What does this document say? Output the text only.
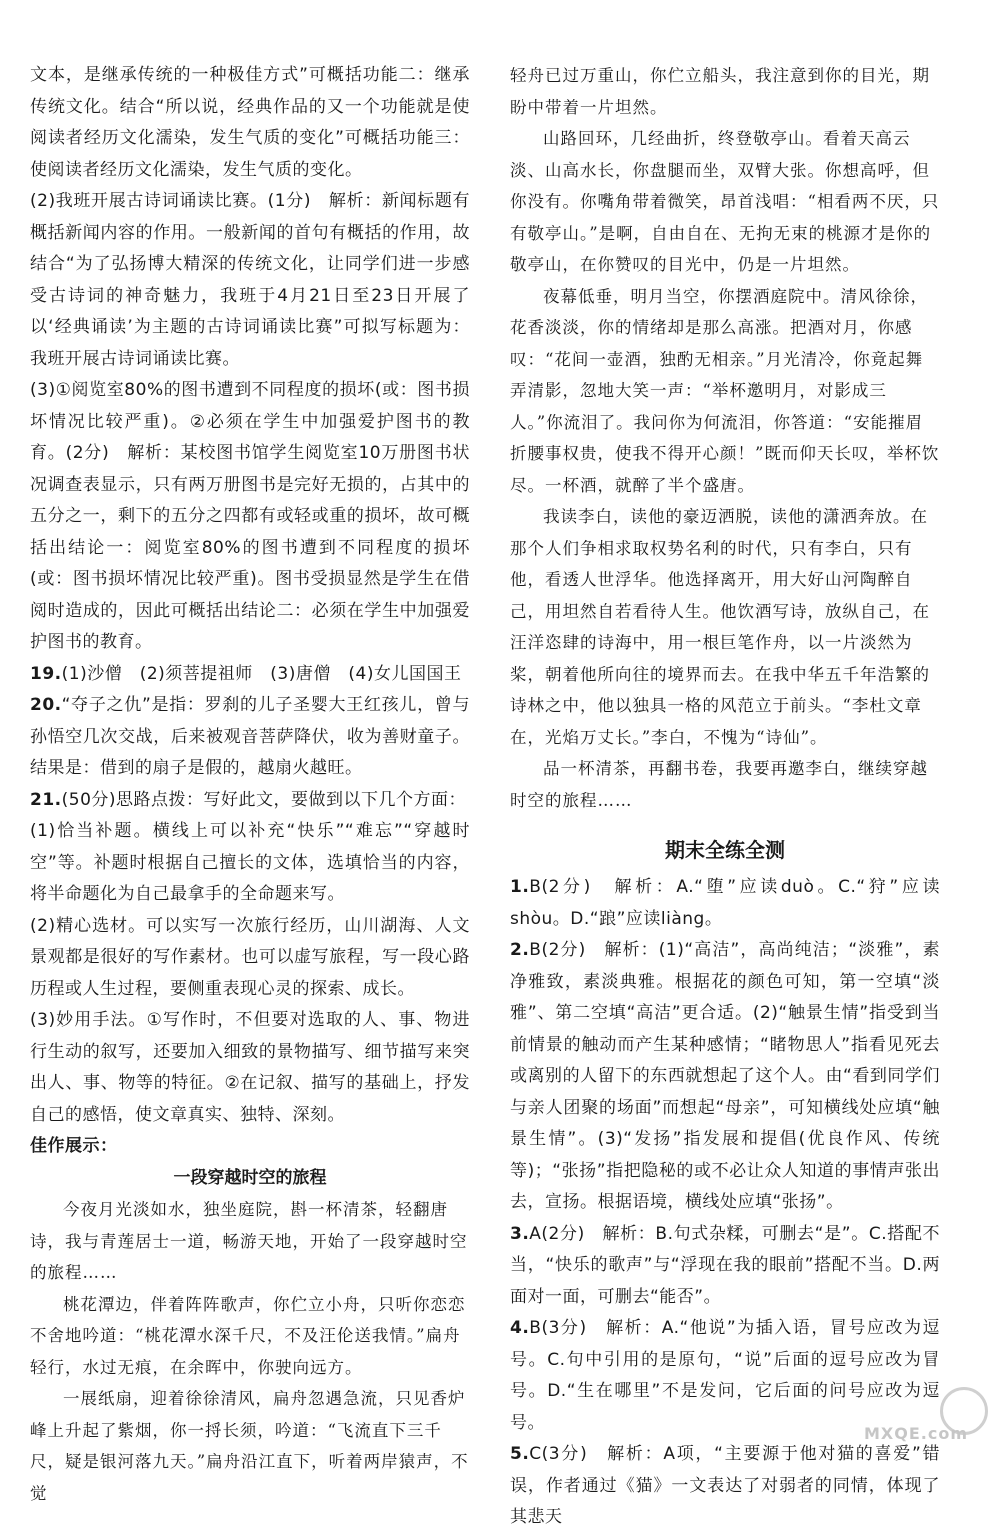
文本，是继承传统的一种极佳方式”可概括功能二：继承传统文化。结合“所以说，经典作品的又一个功能就是使阅读者经历文化濡染，发生气质的变化”可概括功能三：使阅读者经历文化濡染，发生气质的变化。

(2)我班开展古诗词诵读比赛。(1分)　解析：新闻标题有概括新闻内容的作用。一般新闻的首句有概括的作用，故结合“为了弘扬博大精深的传统文化，让同学们进一步感受古诗词的神奇魅力，我班于4月21日至23日开展了以‘经典诵读’为主题的古诗词诵读比赛”可拟写标题为：我班开展古诗词诵读比赛。

(3)①阅览室80%的图书遭到不同程度的损坏(或：图书损坏情况比较严重)。②必须在学生中加强爱护图书的教育。(2分)　解析：某校图书馆学生阅览室10万册图书状况调查表显示，只有两万册图书是完好无损的，占其中的五分之一，剩下的五分之四都有或轻或重的损坏，故可概括出结论一：阅览室80%的图书遭到不同程度的损坏(或：图书损坏情况比较严重)。图书受损显然是学生在借阅时造成的，因此可概括出结论二：必须在学生中加强爱护图书的教育。

19.(1)沙僧　(2)须菩提祖师　(3)唐僧　(4)女儿国国王

20.“夺子之仇”是指：罗刹的儿子圣婴大王红孩儿，曾与孙悟空几次交战，后来被观音菩萨降伏，收为善财童子。结果是：借到的扇子是假的，越扇火越旺。

21.(50分)思路点拨：写好此文，要做到以下几个方面：

(1)恰当补题。横线上可以补充“快乐”“难忘”“穿越时空”等。补题时根据自己擅长的文体，选填恰当的内容，将半命题化为自己最拿手的全命题来写。

(2)精心选材。可以实写一次旅行经历，山川湖海、人文景观都是很好的写作素材。也可以虚写旅程，写一段心路历程或人生过程，要侧重表现心灵的探索、成长。

(3)妙用手法。①写作时，不但要对选取的人、事、物进行生动的叙写，还要加入细致的景物描写、细节描写来突出人、事、物等的特征。②在记叙、描写的基础上，抒发自己的感悟，使文章真实、独特、深刻。

佳作展示：

一段穿越时空的旅程

今夜月光淡如水，独坐庭院，斟一杯清茶，轻翻唐诗，我与青莲居士一道，畅游天地，开始了一段穿越时空的旅程……

桃花潭边，伴着阵阵歌声，你伫立小舟，只听你恋恋不舍地吟道：“桃花潭水深千尺，不及汪伦送我情。”扁舟轻行，水过无痕，在余晖中，你驶向远方。

一展纸扇，迎着徐徐清风，扁舟忽遇急流，只见香炉峰上升起了紫烟，你一捋长须，吟道：“飞流直下三千尺，疑是银河落九天。”扁舟沿江直下，听着两岸猿声，不觉

轻舟已过万重山，你伫立船头，我注意到你的目光，期盼中带着一片坦然。

山路回环，几经曲折，终登敬亭山。看着天高云淡、山高水长，你盘腿而坐，双臂大张。你想高呼，但你没有。你嘴角带着微笑，昂首浅唱：“相看两不厌，只有敬亭山。”是啊，自由自在、无拘无束的桃源才是你的敬亭山，在你赞叹的目光中，仍是一片坦然。

夜幕低垂，明月当空，你摆酒庭院中。清风徐徐，花香淡淡，你的情绪却是那么高涨。把酒对月，你感叹：“花间一壶酒，独酌无相亲。”月光清冷，你竟起舞弄清影，忽地大笑一声：“举杯邀明月，对影成三人。”你流泪了。我问你为何流泪，你答道：“安能摧眉折腰事权贵，使我不得开心颜！”既而仰天长叹，举杯饮尽。一杯酒，就醉了半个盛唐。

我读李白，读他的豪迈洒脱，读他的潇洒奔放。在那个人们争相求取权势名利的时代，只有李白，只有他，看透人世浮华。他选择离开，用大好山河陶醉自己，用坦然自若看待人生。他饮酒写诗，放纵自己，在汪洋恣肆的诗海中，用一根巨笔作舟，以一片淡然为桨，朝着他所向往的境界而去。在我中华五千年浩繁的诗林之中，他以独具一格的风范立于前头。“李杜文章在，光焰万丈长。”李白，不愧为“诗仙”。

品一杯清茶，再翻书卷，我要再邀李白，继续穿越时空的旅程……

期末全练全测

1.B(2分)　解析：A.“堕”应读duò。C.“狩”应读shòu。D.“踉”应读liàng。

2.B(2分)　解析：(1)“高洁”，高尚纯洁；“淡雅”，素净雅致，素淡典雅。根据花的颜色可知，第一空填“淡雅”、第二空填“高洁”更合适。(2)“触景生情”指受到当前情景的触动而产生某种感情；“睹物思人”指看见死去或离别的人留下的东西就想起了这个人。由“看到同学们与亲人团聚的场面”而想起“母亲”，可知横线处应填“触景生情”。(3)“发扬”指发展和提倡(优良作风、传统等)；“张扬”指把隐秘的或不必让众人知道的事情声张出去，宣扬。根据语境，横线处应填“张扬”。

3.A(2分)　解析：B.句式杂糅，可删去“是”。C.搭配不当，“快乐的歌声”与“浮现在我的眼前”搭配不当。D.两面对一面，可删去“能否”。

4.B(3分)　解析：A.“他说”为插入语，冒号应改为逗号。C.句中引用的是原句，“说”后面的逗号应改为冒号。D.“生在哪里”不是发问，它后面的问号应改为逗号。

5.C(3分)　解析：A项，“主要源于他对猫的喜爱”错误，作者通过《猫》一文表达了对弱者的同情，体现了其悲天

MXQE.com
